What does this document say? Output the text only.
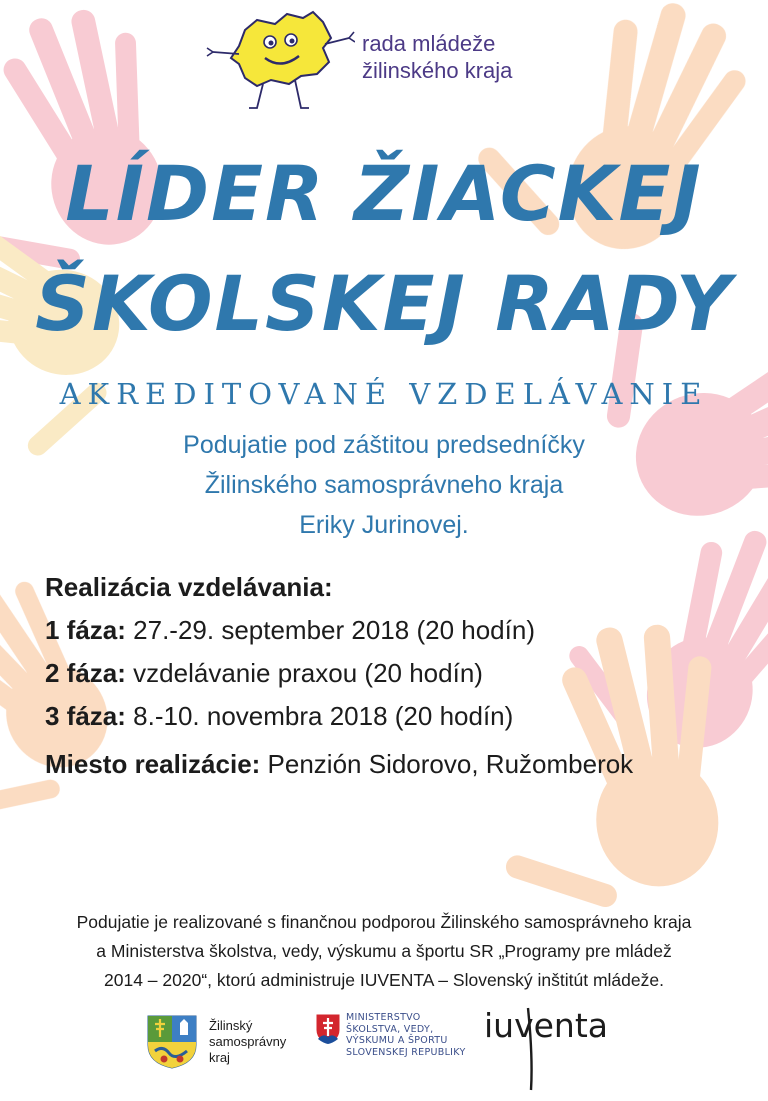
rada mládeže
žilinského kraja
LÍDER ŽIACKEJ
ŠKOLSKEJ RADY
AKREDITOVANÉ VZDELÁVANIE
Podujatie pod záštitou predsedníčky
Žilinského samosprávneho kraja
Eriky Jurinovej.
Realizácia vzdelávania:
1 fáza: 27.-29. september 2018 (20 hodín)
2 fáza: vzdelávanie praxou (20 hodín)
3 fáza: 8.-10. novembra 2018 (20 hodín)
Miesto realizácie: Penzión Sidorovo, Ružomberok
Podujatie je realizované s finančnou podporou Žilinského samosprávneho kraja
a Ministerstva školstva, vedy, výskumu a športu SR „Programy pre mládež
2014 – 2020“, ktorú administruje IUVENTA – Slovenský inštitút mládeže.
Žilinský
samosprávny
kraj
MINISTERSTVO
ŠKOLSTVA, VEDY,
VÝSKUMU A ŠPORTU
SLOVENSKEJ REPUBLIKY
iuventa
